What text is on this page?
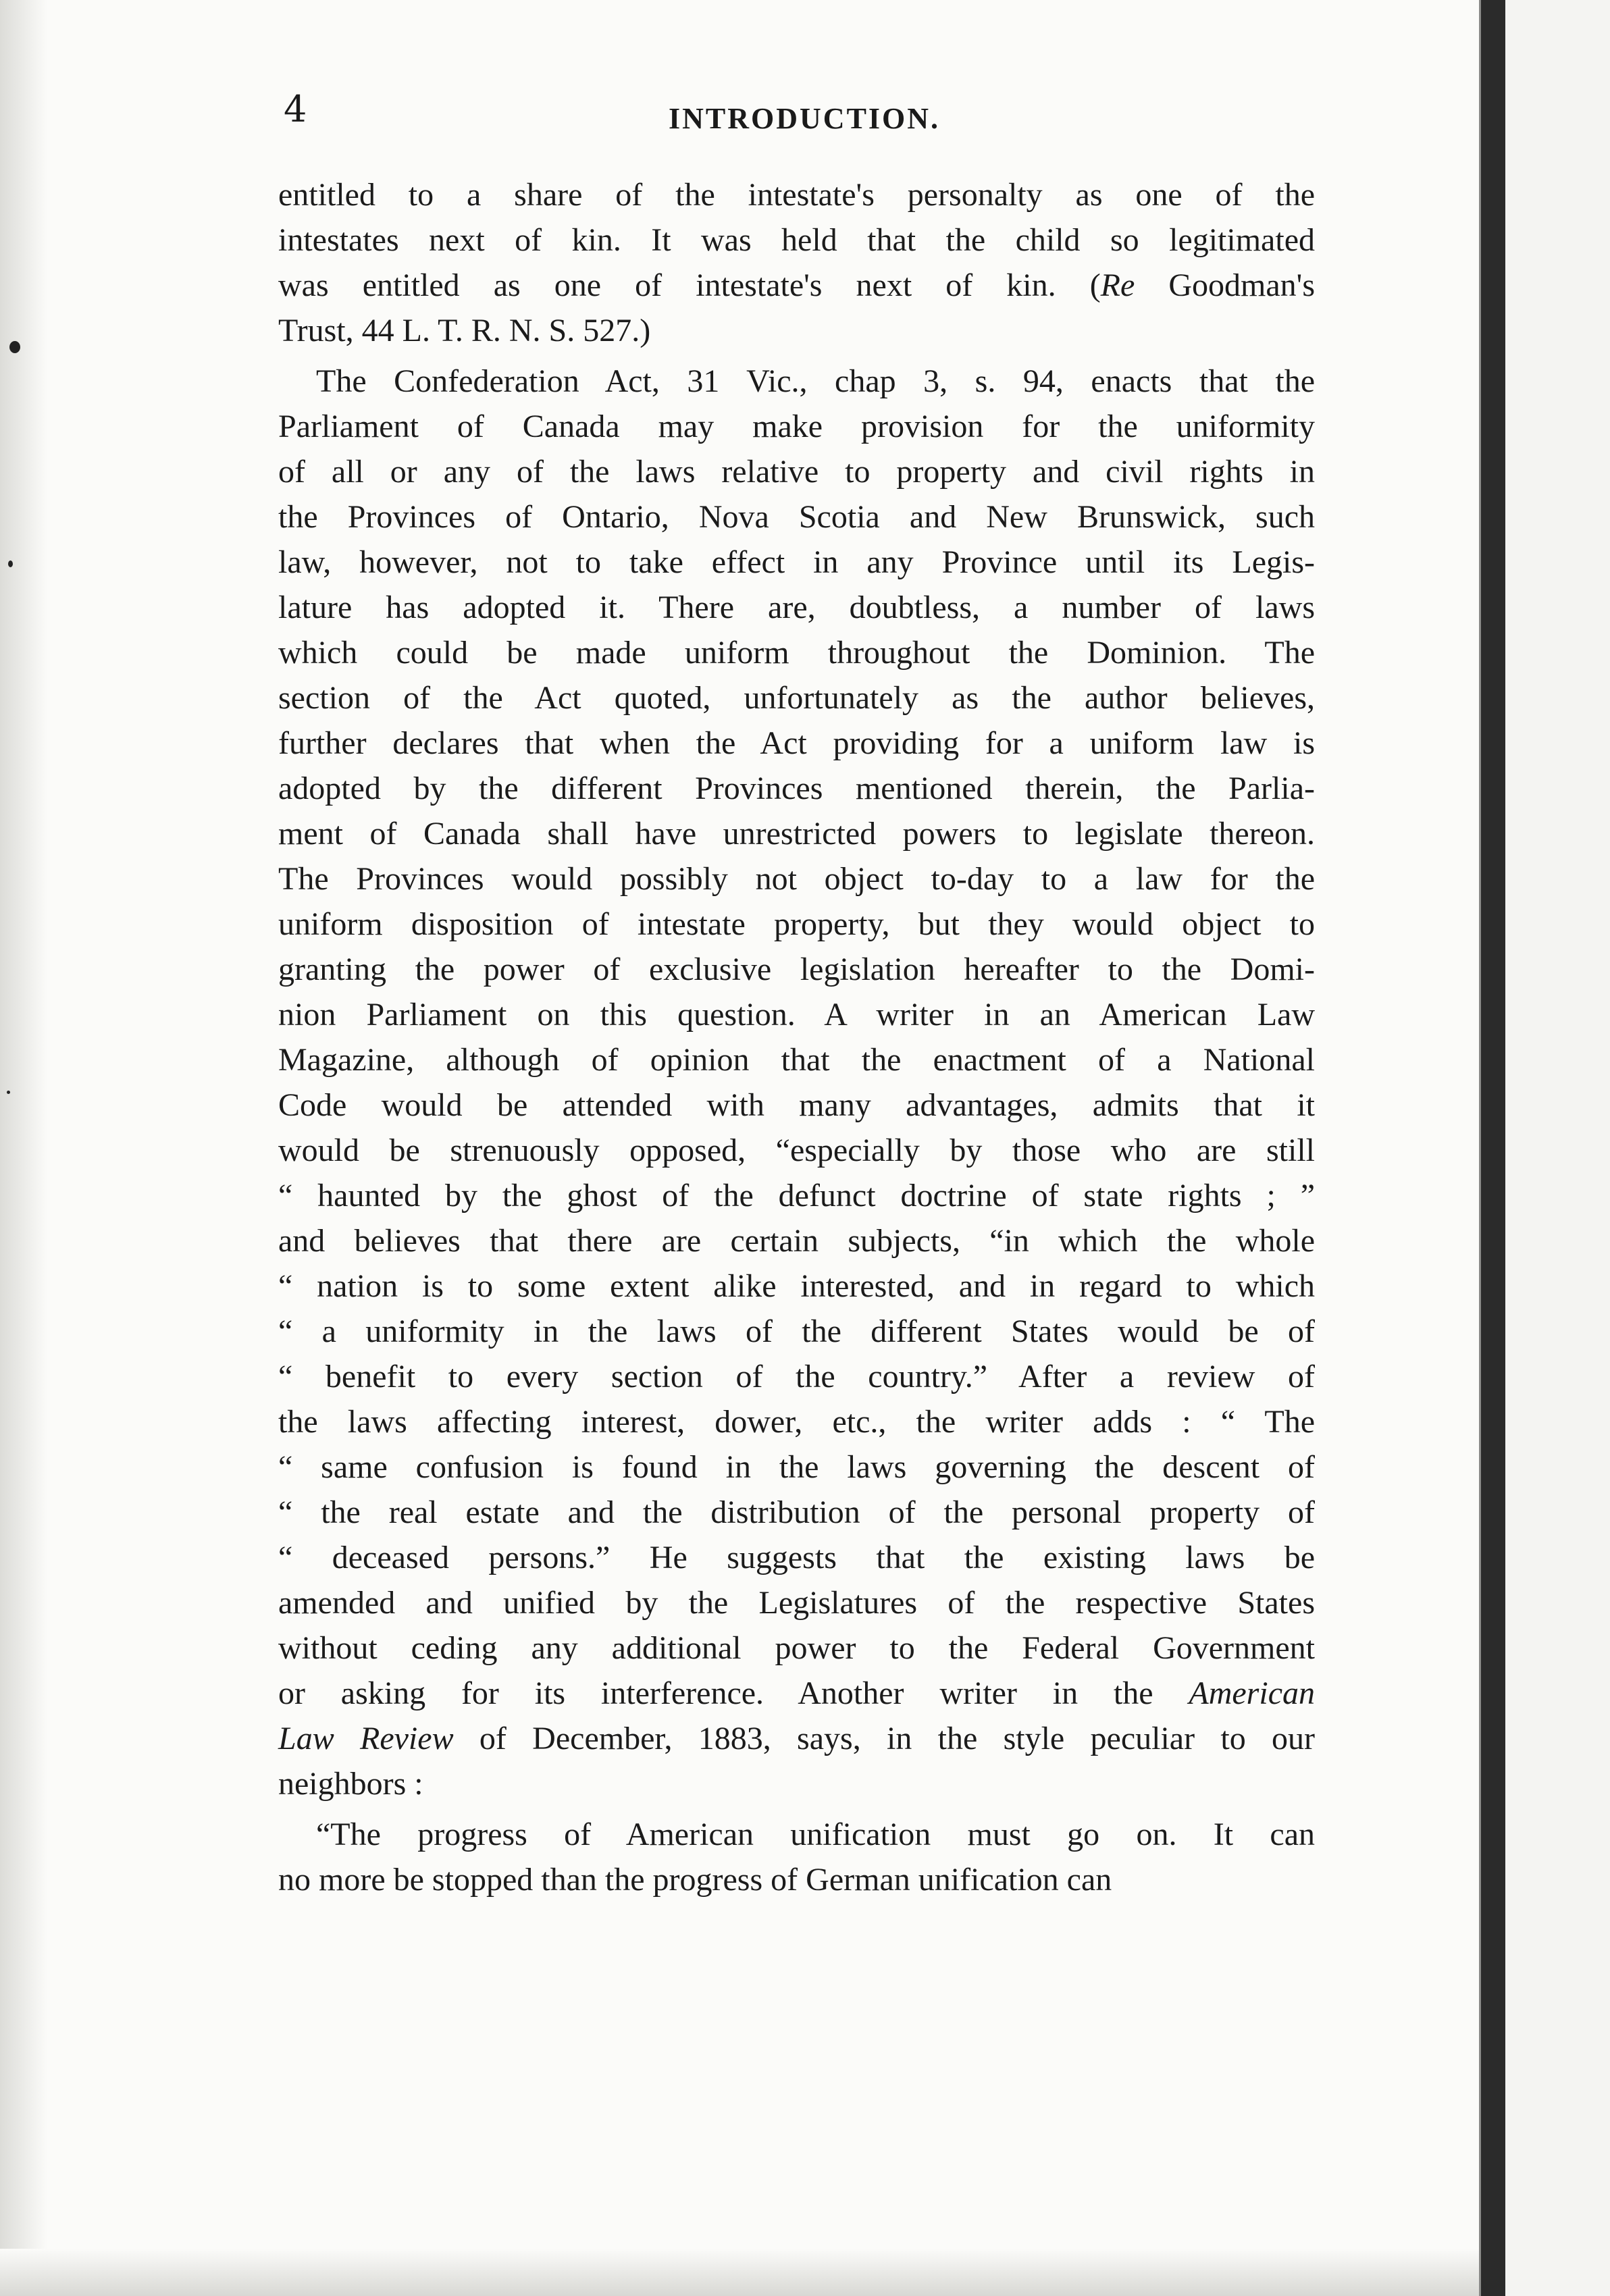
4	INTRODUCTION.
entitled to a share of the intestate's personalty as one of the
intestates next of kin. It was held that the child so legitimated
was entitled as one of intestate's next of kin. (Re Goodman's
Trust, 44 L. T. R. N. S. 527.)
The Confederation Act, 31 Vic., chap 3, s. 94, enacts that the
Parliament of Canada may make provision for the uniformity
of all or any of the laws relative to property and civil rights in
the Provinces of Ontario, Nova Scotia and New Brunswick, such
law, however, not to take effect in any Province until its Legis-
lature has adopted it. There are, doubtless, a number of laws
which could be made uniform throughout the Dominion. The
section of the Act quoted, unfortunately as the author believes,
further declares that when the Act providing for a uniform law is
adopted by the different Provinces mentioned therein, the Parlia-
ment of Canada shall have unrestricted powers to legislate thereon.
The Provinces would possibly not object to-day to a law for the
uniform disposition of intestate property, but they would object to
granting the power of exclusive legislation hereafter to the Domi-
nion Parliament on this question. A writer in an American Law
Magazine, although of opinion that the enactment of a National
Code would be attended with many advantages, admits that it
would be strenuously opposed, “especially by those who are still
“ haunted by the ghost of the defunct doctrine of state rights ; ”
and believes that there are certain subjects, “in which the whole
“ nation is to some extent alike interested, and in regard to which
“ a uniformity in the laws of the different States would be of
“ benefit to every section of the country.” After a review of
the laws affecting interest, dower, etc., the writer adds : “ The
“ same confusion is found in the laws governing the descent of
“ the real estate and the distribution of the personal property of
“ deceased persons.” He suggests that the existing laws be
amended and unified by the Legislatures of the respective States
without ceding any additional power to the Federal Government
or asking for its interference. Another writer in the American
Law Review of December, 1883, says, in the style peculiar to our
neighbors :
“The progress of American unification must go on. It can
no more be stopped than the progress of German unification can
